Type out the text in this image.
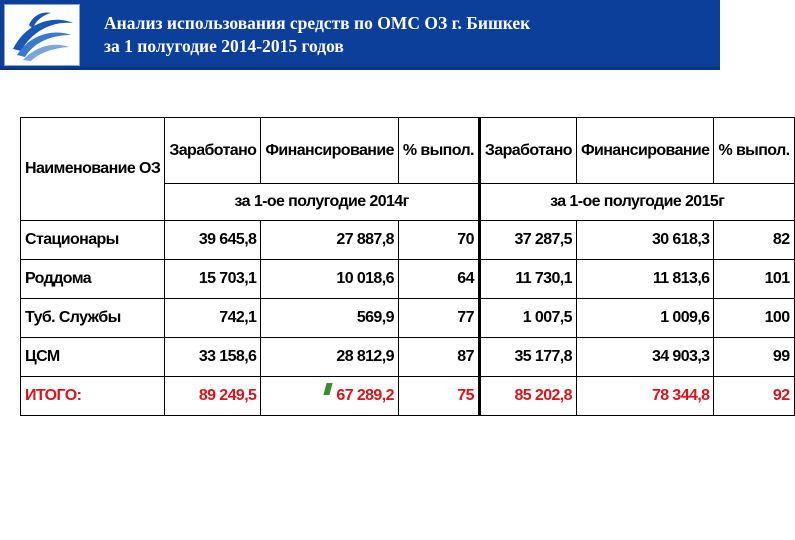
Анализ использования средств по ОМС ОЗ г. Бишкек
за 1 полугодие 2014-2015 годов
Наименование ОЗ	Заработано	Финансирование	% выпол.	Заработано	Финансирование	% выпол.
	за 1-ое полугодие 2014г			за 1-ое полугодие 2015г		
Стационары	39 645,8	27 887,8	70	37 287,5	30 618,3	82
Роддома	15 703,1	10 018,6	64	11 730,1	11 813,6	101
Туб. Службы	742,1	569,9	77	1 007,5	1 009,6	100
ЦСМ	33 158,6	28 812,9	87	35 177,8	34 903,3	99
ИТОГО:	89 249,5	67 289,2	75	85 202,8	78 344,8	92
